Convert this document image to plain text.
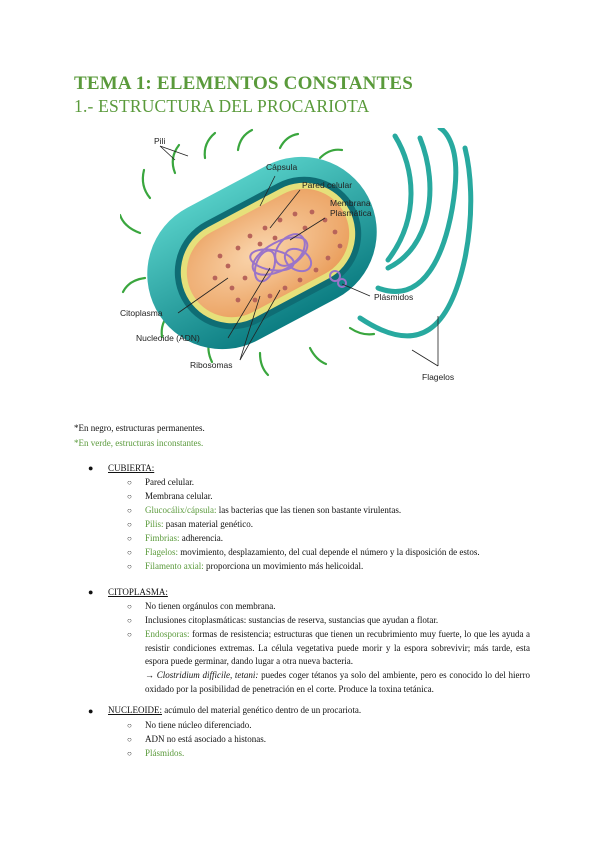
TEMA 1: ELEMENTOS CONSTANTES
1.- ESTRUCTURA DEL PROCARIOTA
Pili
Cápsula
Pared celular
Membrana
Plasmática
Plásmidos
Citoplasma
Nucleoide (ADN)
Ribosomas
Flagelos
*En negro, estructuras permanentes.
*En verde, estructuras inconstantes.
● CUBIERTA:
○ Pared celular.
○ Membrana celular.
○ Glucocálix/cápsula: las bacterias que las tienen son bastante virulentas.
○ Pilis: pasan material genético.
○ Fimbrias: adherencia.
○ Flagelos: movimiento, desplazamiento, del cual depende el número y la disposición de estos.
○ Filamento axial: proporciona un movimiento más helicoidal.
● CITOPLASMA:
○ No tienen orgánulos con membrana.
○ Inclusiones citoplasmáticas: sustancias de reserva, sustancias que ayudan a flotar.
○ Endosporas: formas de resistencia; estructuras que tienen un recubrimiento muy fuerte, lo que les ayuda a resistir condiciones extremas. La célula vegetativa puede morir y la espora sobrevivir; más tarde, esta espora puede germinar, dando lugar a otra nueva bacteria.
→ Clostridium difficile, tetani: puedes coger tétanos ya solo del ambiente, pero es conocido lo del hierro oxidado por la posibilidad de penetración en el corte. Produce la toxina tetánica.
● NUCLEOIDE: acúmulo del material genético dentro de un procariota.
○ No tiene núcleo diferenciado.
○ ADN no está asociado a histonas.
○ Plásmidos.
